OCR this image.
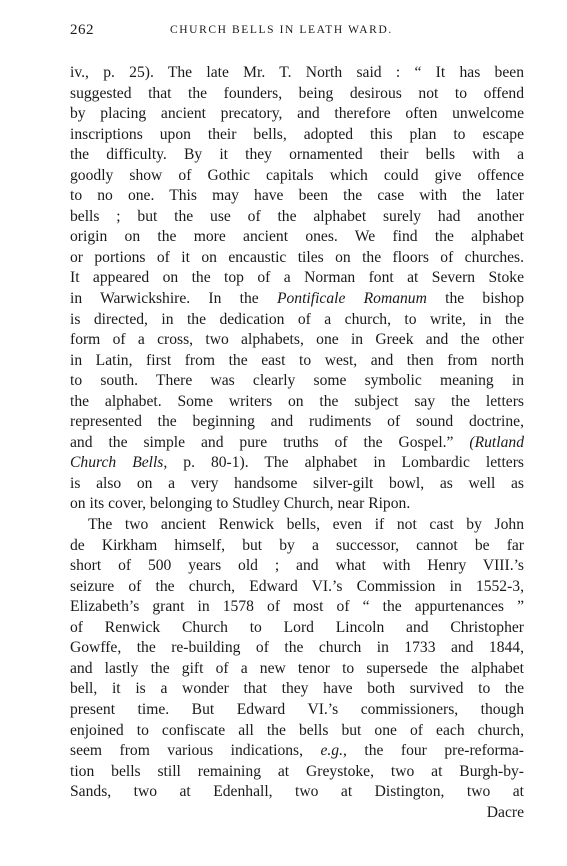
262	CHURCH BELLS IN LEATH WARD.
iv., p. 25). The late Mr. T. North said : “ It has been
suggested that the founders, being desirous not to offend
by placing ancient precatory, and therefore often unwelcome
inscriptions upon their bells, adopted this plan to escape
the difficulty. By it they ornamented their bells with a
goodly show of Gothic capitals which could give offence
to no one. This may have been the case with the later
bells ; but the use of the alphabet surely had another
origin on the more ancient ones. We find the alphabet
or portions of it on encaustic tiles on the floors of churches.
It appeared on the top of a Norman font at Severn Stoke
in Warwickshire. In the Pontificale Romanum the bishop
is directed, in the dedication of a church, to write, in the
form of a cross, two alphabets, one in Greek and the other
in Latin, first from the east to west, and then from north
to south. There was clearly some symbolic meaning in
the alphabet. Some writers on the subject say the letters
represented the beginning and rudiments of sound doctrine,
and the simple and pure truths of the Gospel.” (Rutland
Church Bells, p. 80-1). The alphabet in Lombardic letters
is also on a very handsome silver-gilt bowl, as well as
on its cover, belonging to Studley Church, near Ripon.
The two ancient Renwick bells, even if not cast by John
de Kirkham himself, but by a successor, cannot be far
short of 500 years old ; and what with Henry VIII.’s
seizure of the church, Edward VI.’s Commission in 1552-3,
Elizabeth’s grant in 1578 of most of “ the appurtenances ”
of Renwick Church to Lord Lincoln and Christopher
Gowffe, the re-building of the church in 1733 and 1844,
and lastly the gift of a new tenor to supersede the alphabet
bell, it is a wonder that they have both survived to the
present time. But Edward VI.’s commissioners, though
enjoined to confiscate all the bells but one of each church,
seem from various indications, e.g., the four pre-reforma-
tion bells still remaining at Greystoke, two at Burgh-by-
Sands, two at Edenhall, two at Distington, two at
Dacre
